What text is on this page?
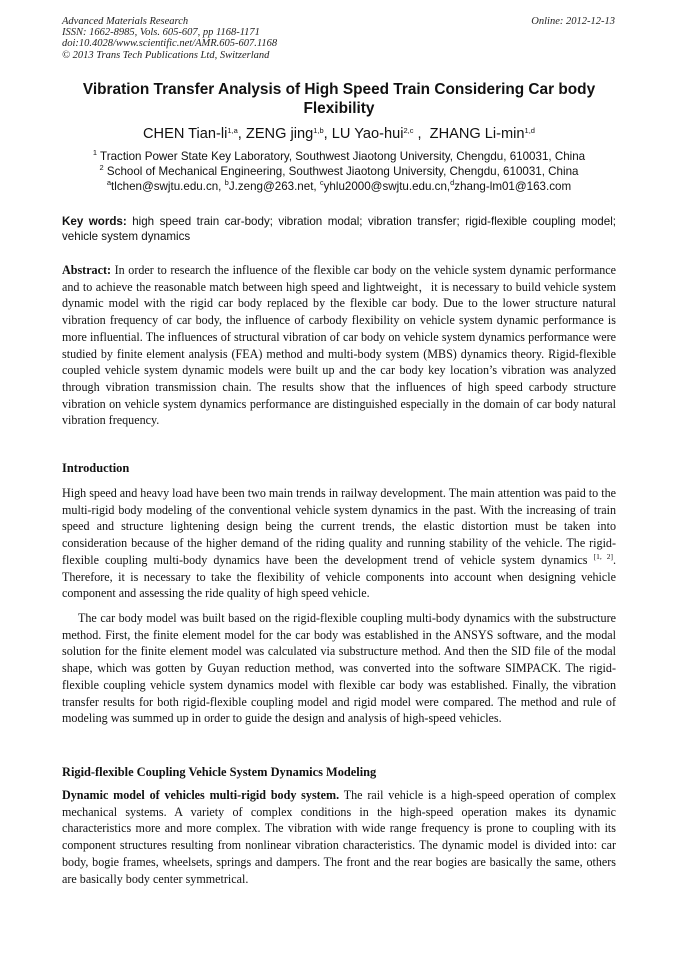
Advanced Materials Research
ISSN: 1662-8985, Vols. 605-607, pp 1168-1171
doi:10.4028/www.scientific.net/AMR.605-607.1168
© 2013 Trans Tech Publications Ltd, Switzerland
Online: 2012-12-13
Vibration Transfer Analysis of High Speed Train Considering Car body Flexibility
CHEN Tian-li$^{1,a}$, ZENG jing$^{1,b}$, LU Yao-hui$^{2,c}$ ,  ZHANG $Li-\min^{1,d}$
$^1$ Traction Power State Key Laboratory, Southwest Jiaotong University, Chengdu, 610031, China
$^2$ School of Mechanical Engineering, Southwest Jiaotong University, Chengdu, 610031, China
$^a$tlchen@swjtu.edu.cn, $^b$J.zeng@263.net, $^c$yhlu2000@swjtu.edu.cn,$^d$zhang-lm01@163.com
Key words: high speed train car-body; vibration modal; vibration transfer; rigid-flexible coupling model; vehicle system dynamics
Abstract: In order to research the influence of the flexible car body on the vehicle system dynamic performance and to achieve the reasonable match between high speed and lightweight，it is necessary to build vehicle system dynamic model with the rigid car body replaced by the flexible car body. Due to the lower structure natural vibration frequency of car body, the influence of carbody flexibility on vehicle system dynamic performance is more influential. The influences of structural vibration of car body on vehicle system dynamics performance were studied by finite element analysis (FEA) method and multi-body system (MBS) dynamics theory. Rigid-flexible coupled vehicle system dynamic models were built up and the car body key location’s vibration was analyzed through vibration transmission chain. The results show that the influences of high speed carbody structure vibration on vehicle system dynamics performance are distinguished especially in the domain of car body natural vibration frequency.
Introduction
High speed and heavy load have been two main trends in railway development. The main attention was paid to the multi-rigid body modeling of the conventional vehicle system dynamics in the past. With the increasing of train speed and structure lightening design being the current trends, the elastic distortion must be taken into consideration because of the higher demand of the riding quality and running stability of the vehicle. The rigid-flexible coupling multi-body dynamics have been the development trend of vehicle system dynamics [1, 2]. Therefore, it is necessary to take the flexibility of vehicle components into account when designing vehicle component and assessing the ride quality of high speed vehicle.
The car body model was built based on the rigid-flexible coupling multi-body dynamics with the substructure method. First, the finite element model for the car body was established in the ANSYS software, and the modal solution for the finite element model was calculated via substructure method. And then the SID file of the modal shape, which was gotten by Guyan reduction method, was converted into the software SIMPACK. The rigid-flexible coupling vehicle system dynamics model with flexible car body was established. Finally, the vibration transfer results for both rigid-flexible coupling model and rigid model were compared. The method and rule of modeling was summed up in order to guide the design and analysis of high-speed vehicles.
Rigid-flexible Coupling Vehicle System Dynamics Modeling
Dynamic model of vehicles multi-rigid body system. The rail vehicle is a high-speed operation of complex mechanical systems. A variety of complex conditions in the high-speed operation makes its dynamic characteristics more and more complex. The vibration with wide range frequency is prone to coupling with its component structures resulting from nonlinear vibration characteristics. The dynamic model is divided into: car body, bogie frames, wheelsets, springs and dampers. The front and the rear bogies are basically the same, others are basically body center symmetrical.
